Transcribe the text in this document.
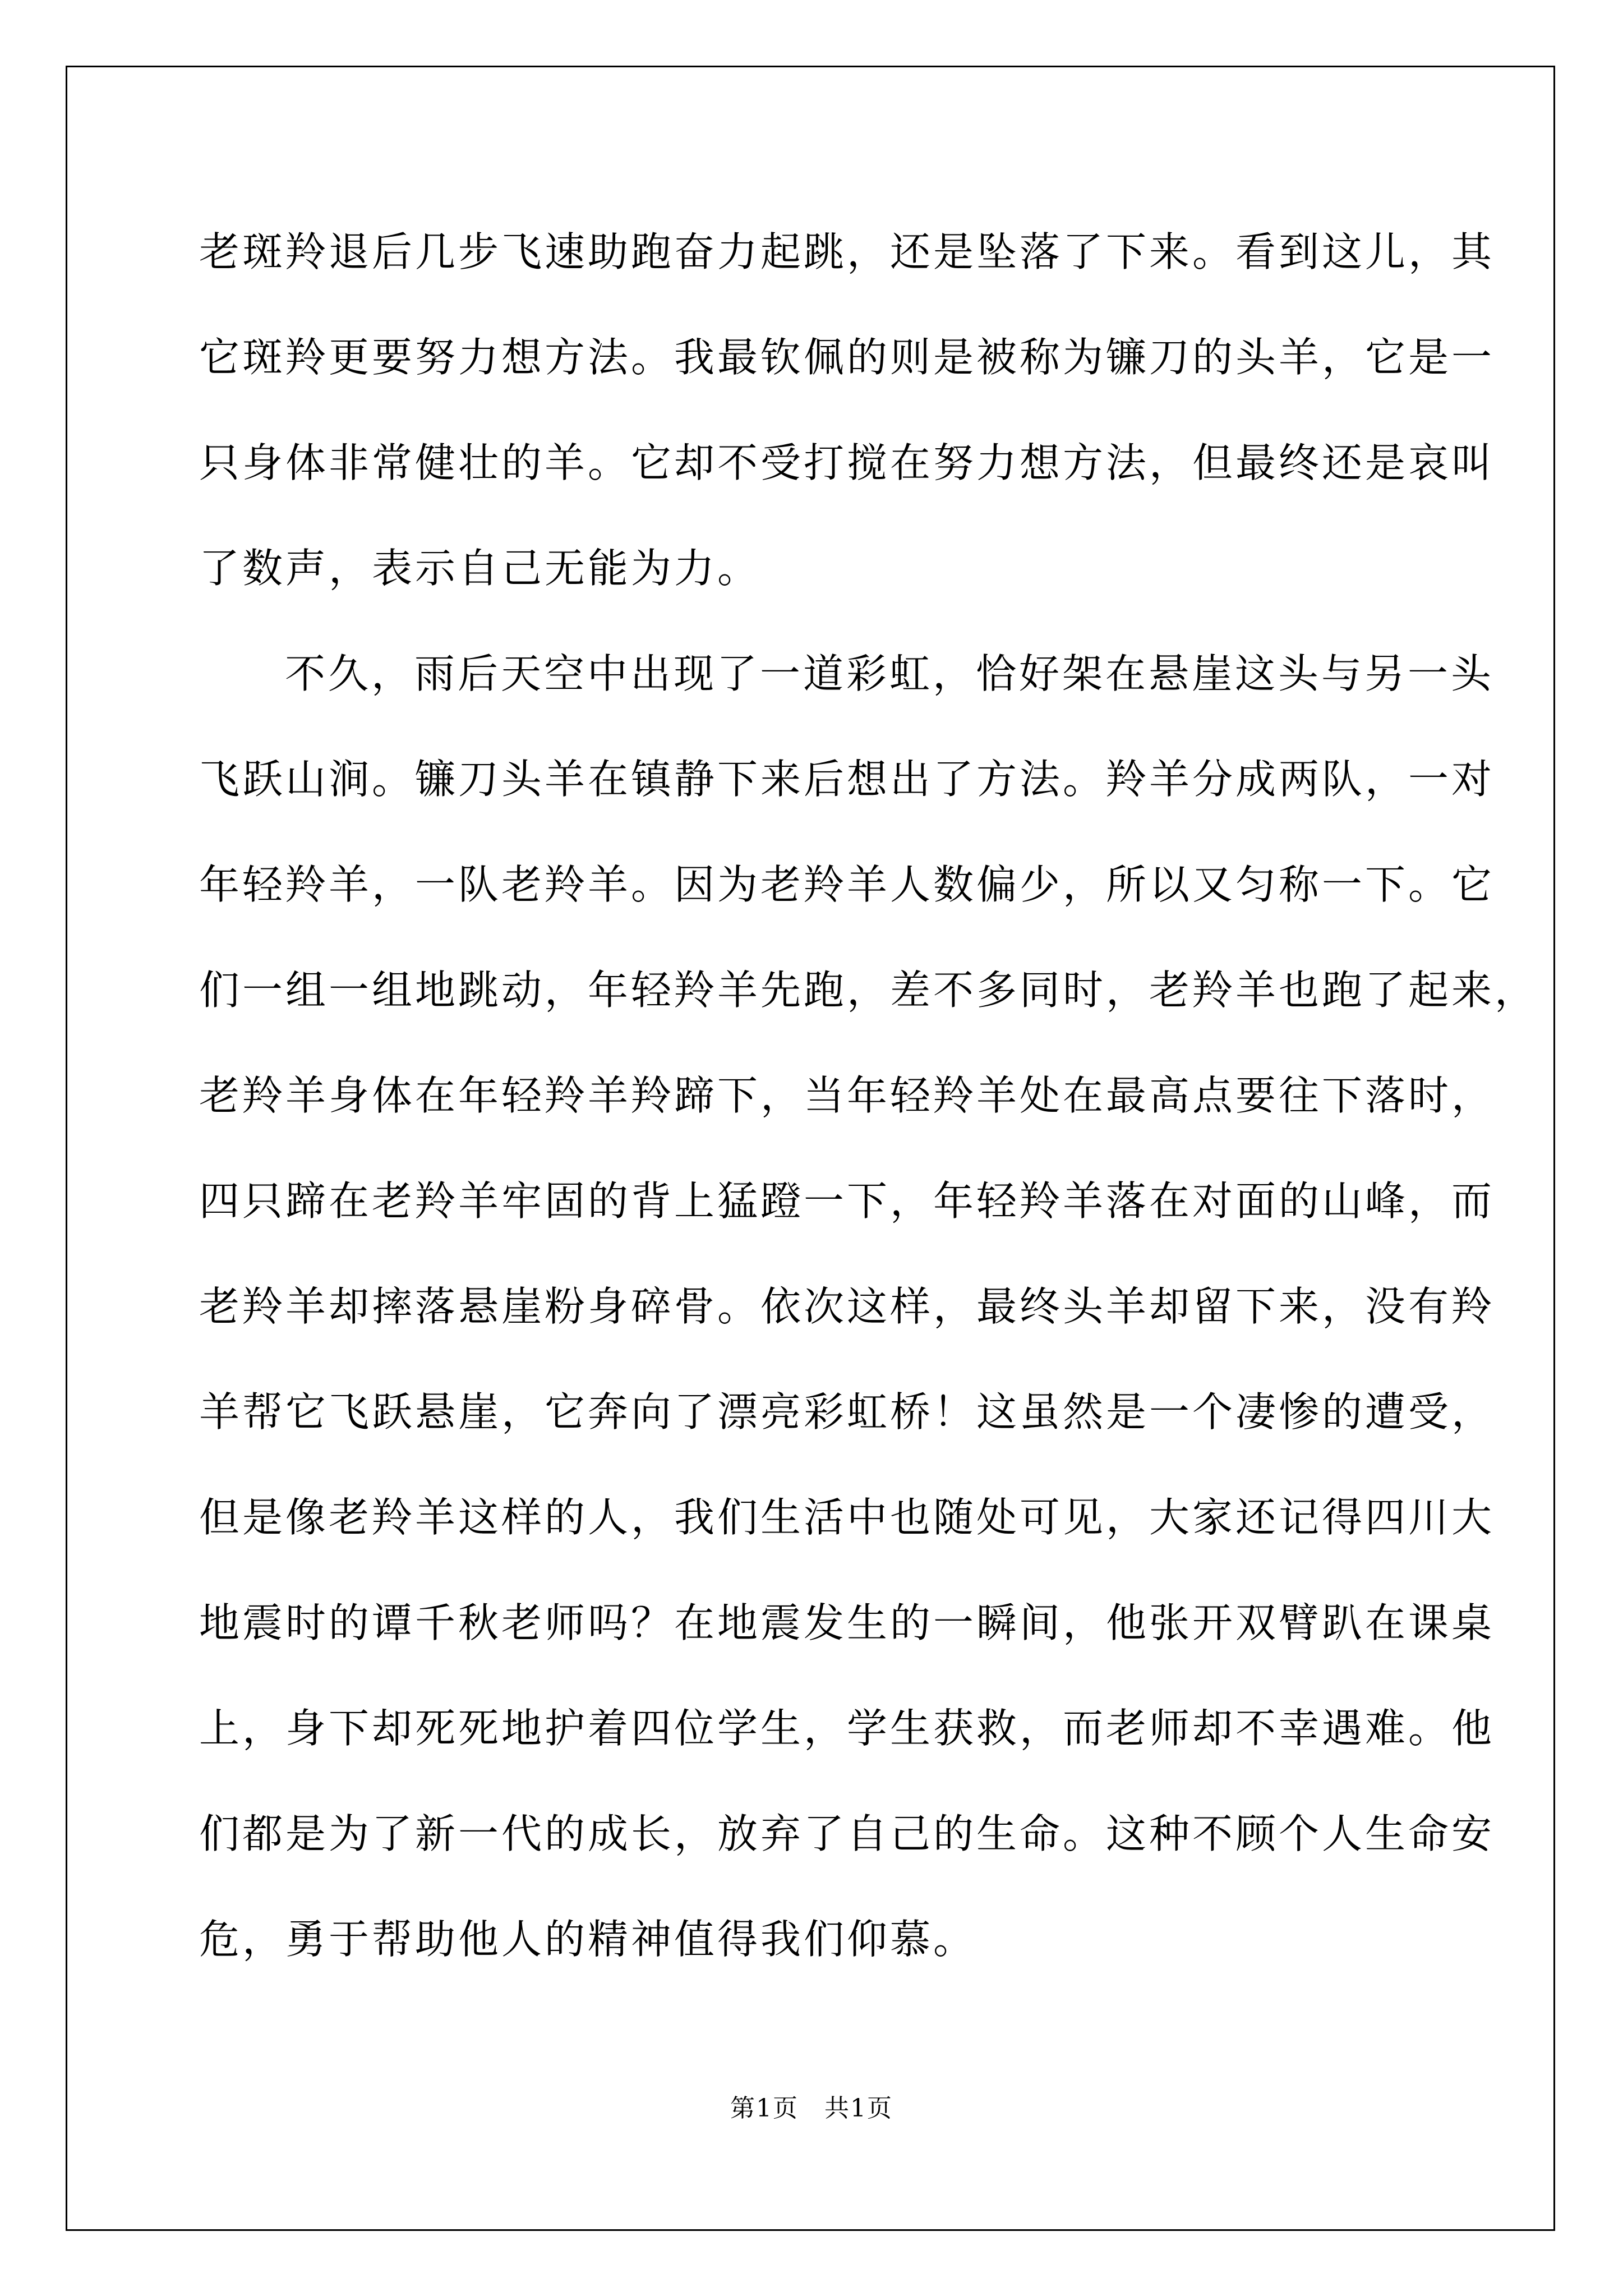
老斑羚退后几步飞速助跑奋力起跳，还是坠落了下来。看到这儿，其
它斑羚更要努力想方法。我最钦佩的则是被称为镰刀的头羊，它是一
只身体非常健壮的羊。它却不受打搅在努力想方法，但最终还是哀叫
了数声，表示自己无能为力。
不久，雨后天空中出现了一道彩虹，恰好架在悬崖这头与另一头
飞跃山涧。镰刀头羊在镇静下来后想出了方法。羚羊分成两队，一对
年轻羚羊，一队老羚羊。因为老羚羊人数偏少，所以又匀称一下。它
们一组一组地跳动，年轻羚羊先跑，差不多同时，老羚羊也跑了起来，
老羚羊身体在年轻羚羊羚蹄下，当年轻羚羊处在最高点要往下落时，
四只蹄在老羚羊牢固的背上猛蹬一下，年轻羚羊落在对面的山峰，而
老羚羊却摔落悬崖粉身碎骨。依次这样，最终头羊却留下来，没有羚
羊帮它飞跃悬崖，它奔向了漂亮彩虹桥！这虽然是一个凄惨的遭受，
但是像老羚羊这样的人，我们生活中也随处可见，大家还记得四川大
地震时的谭千秋老师吗？在地震发生的一瞬间，他张开双臂趴在课桌
上，身下却死死地护着四位学生，学生获救，而老师却不幸遇难。他
们都是为了新一代的成长，放弃了自己的生命。这种不顾个人生命安
危，勇于帮助他人的精神值得我们仰慕。
第1页　共1页
